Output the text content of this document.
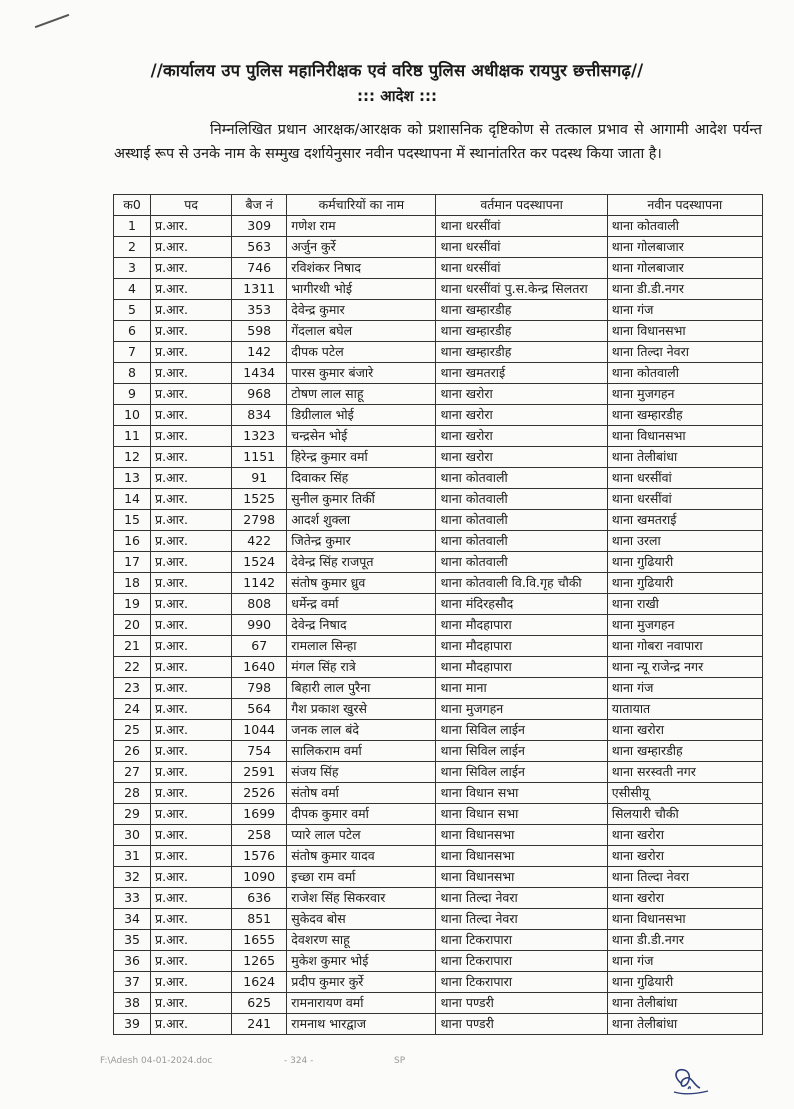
//कार्यालय उप पुलिस महानिरीक्षक एवं वरिष्ठ पुलिस अधीक्षक रायपुर छत्तीसगढ़//
::: आदेश :::
निम्नलिखित प्रधान आरक्षक/आरक्षक को प्रशासनिक दृष्टिकोण से तत्काल प्रभाव से आगामी आदेश पर्यन्त अस्थाई रूप से उनके नाम के सम्मुख दर्शायेनुसार नवीन पदस्थापना में स्थानांतरित कर पदस्थ किया जाता है।
क0	पद	बैज नं	कर्मचारियों का नाम	वर्तमान पदस्थापना	नवीन पदस्थापना
1	प्र.आर.	309	गणेश राम	थाना धरसींवां	थाना कोतवाली
2	प्र.आर.	563	अर्जुन कुर्रे	थाना धरसींवां	थाना गोलबाजार
3	प्र.आर.	746	रविशंकर निषाद	थाना धरसींवां	थाना गोलबाजार
4	प्र.आर.	1311	भागीरथी भोई	थाना धरसींवां पु.स.केन्द्र सिलतरा	थाना डी.डी.नगर
5	प्र.आर.	353	देवेन्द्र कुमार	थाना खम्हारडीह	थाना गंज
6	प्र.आर.	598	गेंदलाल बघेल	थाना खम्हारडीह	थाना विधानसभा
7	प्र.आर.	142	दीपक पटेल	थाना खम्हारडीह	थाना तिल्दा नेवरा
8	प्र.आर.	1434	पारस कुमार बंजारे	थाना खमतराई	थाना कोतवाली
9	प्र.आर.	968	टोषण लाल साहू	थाना खरोरा	थाना मुजगहन
10	प्र.आर.	834	डिग्रीलाल भोई	थाना खरोरा	थाना खम्हारडीह
11	प्र.आर.	1323	चन्द्रसेन भोई	थाना खरोरा	थाना विधानसभा
12	प्र.आर.	1151	हिरेन्द्र कुमार वर्मा	थाना खरोरा	थाना तेलीबांधा
13	प्र.आर.	91	दिवाकर सिंह	थाना कोतवाली	थाना धरसींवां
14	प्र.आर.	1525	सुनील कुमार तिर्की	थाना कोतवाली	थाना धरसींवां
15	प्र.आर.	2798	आदर्श शुक्ला	थाना कोतवाली	थाना खमतराई
16	प्र.आर.	422	जितेन्द्र कुमार	थाना कोतवाली	थाना उरला
17	प्र.आर.	1524	देवेन्द्र सिंह राजपूत	थाना कोतवाली	थाना गुढियारी
18	प्र.आर.	1142	संतोष कुमार ध्रुव	थाना कोतवाली वि.वि.गृह चौकी	थाना गुढियारी
19	प्र.आर.	808	धर्मेन्द्र वर्मा	थाना मंदिरहसौद	थाना राखी
20	प्र.आर.	990	देवेन्द्र निषाद	थाना मौदहापारा	थाना मुजगहन
21	प्र.आर.	67	रामलाल सिन्हा	थाना मौदहापारा	थाना गोबरा नवापारा
22	प्र.आर.	1640	मंगल सिंह रात्रे	थाना मौदहापारा	थाना न्यू राजेन्द्र नगर
23	प्र.आर.	798	बिहारी लाल पुरैना	थाना माना	थाना गंज
24	प्र.आर.	564	गैश प्रकाश खुरसे	थाना मुजगहन	यातायात
25	प्र.आर.	1044	जनक लाल बंदे	थाना सिविल लाईन	थाना खरोरा
26	प्र.आर.	754	सालिकराम वर्मा	थाना सिविल लाईन	थाना खम्हारडीह
27	प्र.आर.	2591	संजय सिंह	थाना सिविल लाईन	थाना सरस्वती नगर
28	प्र.आर.	2526	संतोष वर्मा	थाना विधान सभा	एसीसीयू
29	प्र.आर.	1699	दीपक कुमार वर्मा	थाना विधान सभा	सिलयारी चौकी
30	प्र.आर.	258	प्यारे लाल पटेल	थाना विधानसभा	थाना खरोरा
31	प्र.आर.	1576	संतोष कुमार यादव	थाना विधानसभा	थाना खरोरा
32	प्र.आर.	1090	इच्छा राम वर्मा	थाना विधानसभा	थाना तिल्दा नेवरा
33	प्र.आर.	636	राजेश सिंह सिकरवार	थाना तिल्दा नेवरा	थाना खरोरा
34	प्र.आर.	851	सुकेदव बोस	थाना तिल्दा नेवरा	थाना विधानसभा
35	प्र.आर.	1655	देवशरण साहू	थाना टिकरापारा	थाना डी.डी.नगर
36	प्र.आर.	1265	मुकेश कुमार भोई	थाना टिकरापारा	थाना गंज
37	प्र.आर.	1624	प्रदीप कुमार कुर्रे	थाना टिकरापारा	थाना गुढियारी
38	प्र.आर.	625	रामनारायण वर्मा	थाना पण्डरी	थाना तेलीबांधा
39	प्र.आर.	241	रामनाथ भारद्वाज	थाना पण्डरी	थाना तेलीबांधा
F:\Adesh 04-01-2024.doc	- 324 -	SP
